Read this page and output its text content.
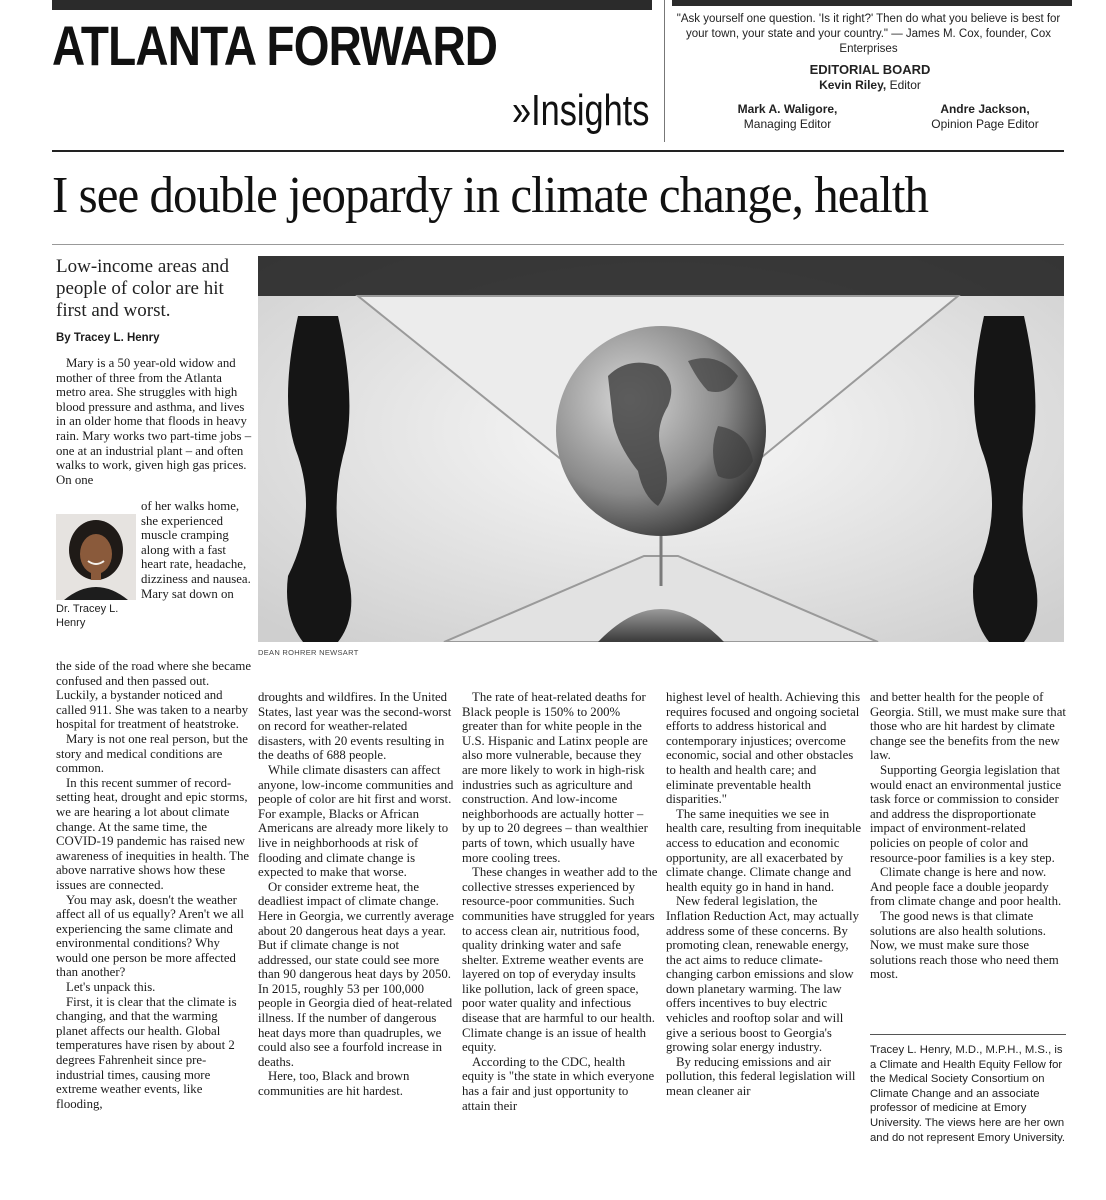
ATLANTA FORWARD
»Insights
"Ask yourself one question. 'Is it right?' Then do what you believe is best for your town, your state and your country." — James M. Cox, founder, Cox Enterprises
EDITORIAL BOARD
Kevin Riley, Editor
Mark A. Waligore,
Managing Editor
Andre Jackson,
Opinion Page Editor
I see double jeopardy in climate change, health
Low-income areas and people of color are hit first and worst.
By Tracey L. Henry

Mary is a 50 year-old widow and mother of three from the Atlanta metro area. She struggles with high blood pressure and asthma, and lives in an older home that floods in heavy rain. Mary works two part-time jobs – one at an industrial plant – and often walks to work, given high gas prices. On one

Dr. Tracey L. Henry

of her walks home, she experienced muscle cramping along with a fast heart rate, headache, dizziness and nausea. Mary sat down on

the side of the road where she became confused and then passed out. Luckily, a bystander noticed and called 911. She was taken to a nearby hospital for treatment of heatstroke.

Mary is not one real person, but the story and medical conditions are common.

In this recent summer of record-setting heat, drought and epic storms, we are hearing a lot about climate change. At the same time, the COVID-19 pandemic has raised new awareness of inequities in health. The above narrative shows how these issues are connected.

You may ask, doesn't the weather affect all of us equally? Aren't we all experiencing the same climate and environmental conditions? Why would one person be more affected than another?

Let's unpack this.

First, it is clear that the climate is changing, and that the warming planet affects our health. Global temperatures have risen by about 2 degrees Fahrenheit since pre-industrial times, causing more extreme weather events, like flooding,

DEAN ROHRER NEWSART

droughts and wildfires. In the United States, last year was the second-worst on record for weather-related disasters, with 20 events resulting in the deaths of 688 people.

While climate disasters can affect anyone, low-income communities and people of color are hit first and worst. For example, Blacks or African Americans are already more likely to live in neighborhoods at risk of flooding and climate change is expected to make that worse.

Or consider extreme heat, the deadliest impact of climate change. Here in Georgia, we currently average about 20 dangerous heat days a year. But if climate change is not addressed, our state could see more than 90 dangerous heat days by 2050. In 2015, roughly 53 per 100,000 people in Georgia died of heat-related illness. If the number of dangerous heat days more than quadruples, we could also see a fourfold increase in deaths.

Here, too, Black and brown communities are hit hardest.

The rate of heat-related deaths for Black people is 150% to 200% greater than for white people in the U.S. Hispanic and Latinx people are also more vulnerable, because they are more likely to work in high-risk industries such as agriculture and construction. And low-income neighborhoods are actually hotter – by up to 20 degrees – than wealthier parts of town, which usually have more cooling trees.

These changes in weather add to the collective stresses experienced by resource-poor communities. Such communities have struggled for years to access clean air, nutritious food, quality drinking water and safe shelter. Extreme weather events are layered on top of everyday insults like pollution, lack of green space, poor water quality and infectious disease that are harmful to our health. Climate change is an issue of health equity.

According to the CDC, health equity is "the state in which everyone has a fair and just opportunity to attain their

highest level of health. Achieving this requires focused and ongoing societal efforts to address historical and contemporary injustices; overcome economic, social and other obstacles to health and health care; and eliminate preventable health disparities."

The same inequities we see in health care, resulting from inequitable access to education and economic opportunity, are all exacerbated by climate change. Climate change and health equity go in hand in hand.

New federal legislation, the Inflation Reduction Act, may actually address some of these concerns. By promoting clean, renewable energy, the act aims to reduce climate-changing carbon emissions and slow down planetary warming. The law offers incentives to buy electric vehicles and rooftop solar and will give a serious boost to Georgia's growing solar energy industry.

By reducing emissions and air pollution, this federal legislation will mean cleaner air

and better health for the people of Georgia. Still, we must make sure that those who are hit hardest by climate change see the benefits from the new law.

Supporting Georgia legislation that would enact an environmental justice task force or commission to consider and address the disproportionate impact of environment-related policies on people of color and resource-poor families is a key step.

Climate change is here and now. And people face a double jeopardy from climate change and poor health.

The good news is that climate solutions are also health solutions. Now, we must make sure those solutions reach those who need them most.

Tracey L. Henry, M.D., M.P.H., M.S., is a Climate and Health Equity Fellow for the Medical Society Consortium on Climate Change and an associate professor of medicine at Emory University. The views here are her own and do not represent Emory University.
